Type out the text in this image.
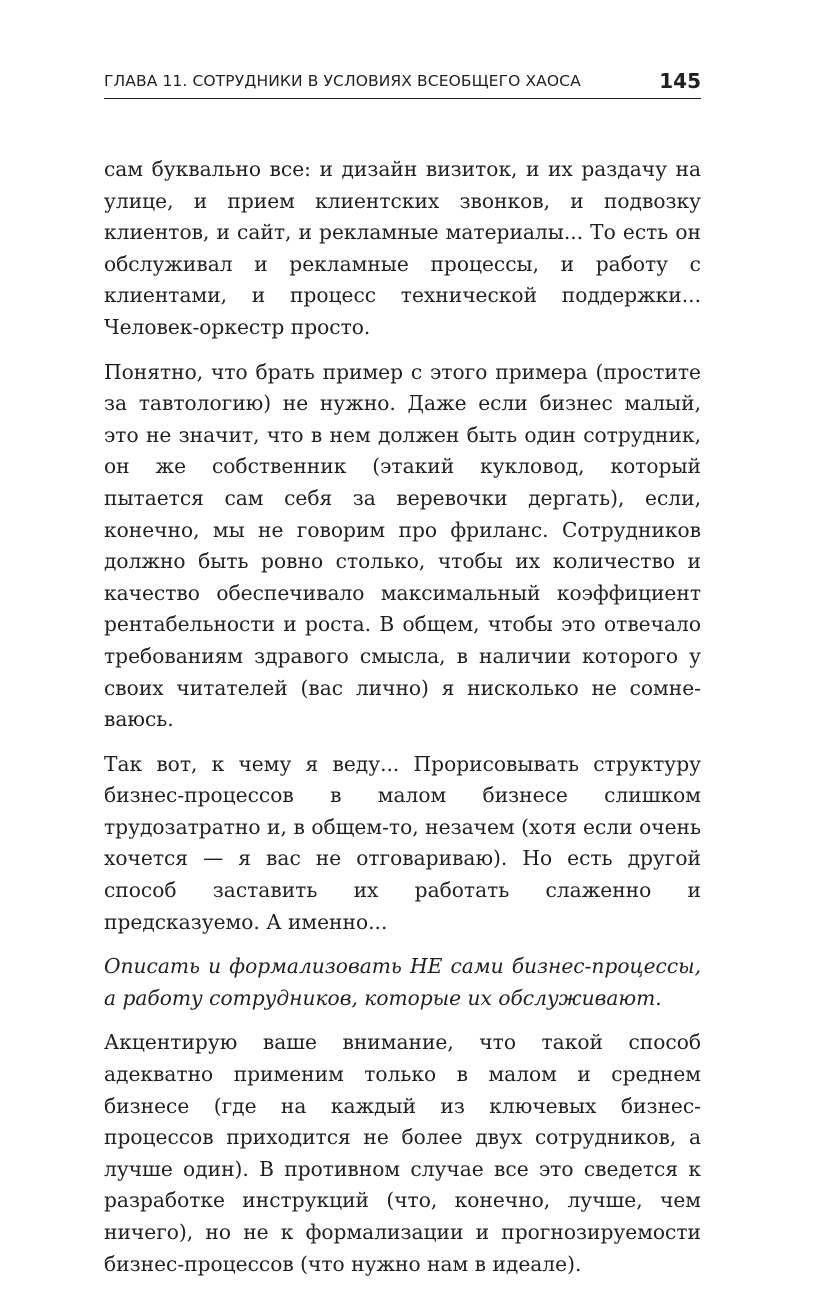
ГЛАВА 11. СОТРУДНИКИ В УСЛОВИЯХ ВСЕОБЩЕГО ХАОСА	145

сам буквально все: и дизайн визиток, и их раздачу на улице, и прием клиентских звонков, и подвозку клиентов, и сайт, и рекламные материалы... То есть он обслуживал и рекламные процессы, и работу с клиентами, и процесс технической поддержки... Человек-оркестр просто.

Понятно, что брать пример с этого примера (простите за тавтологию) не нужно. Даже если бизнес малый, это не значит, что в нем должен быть один сотрудник, он же собственник (этакий кукловод, который пытается сам себя за веревочки дергать), если, конечно, мы не говорим про фриланс. Сотрудников должно быть ровно столько, чтобы их количество и качество обеспечивало максимальный коэффициент рентабельности и роста. В общем, чтобы это отвечало требованиям здравого смысла, в наличии которого у своих читателей (вас лично) я нисколько не сомневаюсь.

Так вот, к чему я веду... Прорисовывать структуру бизнес-процессов в малом бизнесе слишком трудозатратно и, в общем-то, незачем (хотя если очень хочется — я вас не отговариваю). Но есть другой способ заставить их работать слаженно и предсказуемо. А именно...

Описать и формализовать НЕ сами бизнес-процессы, а работу сотрудников, которые их обслуживают.

Акцентирую ваше внимание, что такой способ адекватно применим только в малом и среднем бизнесе (где на каждый из ключевых бизнес-процессов приходится не более двух сотрудников, а лучше один). В противном случае все это сведется к разработке инструкций (что, конечно, лучше, чем ничего), но не к формализации и прогнозируемости бизнес-процессов (что нужно нам в идеале).
